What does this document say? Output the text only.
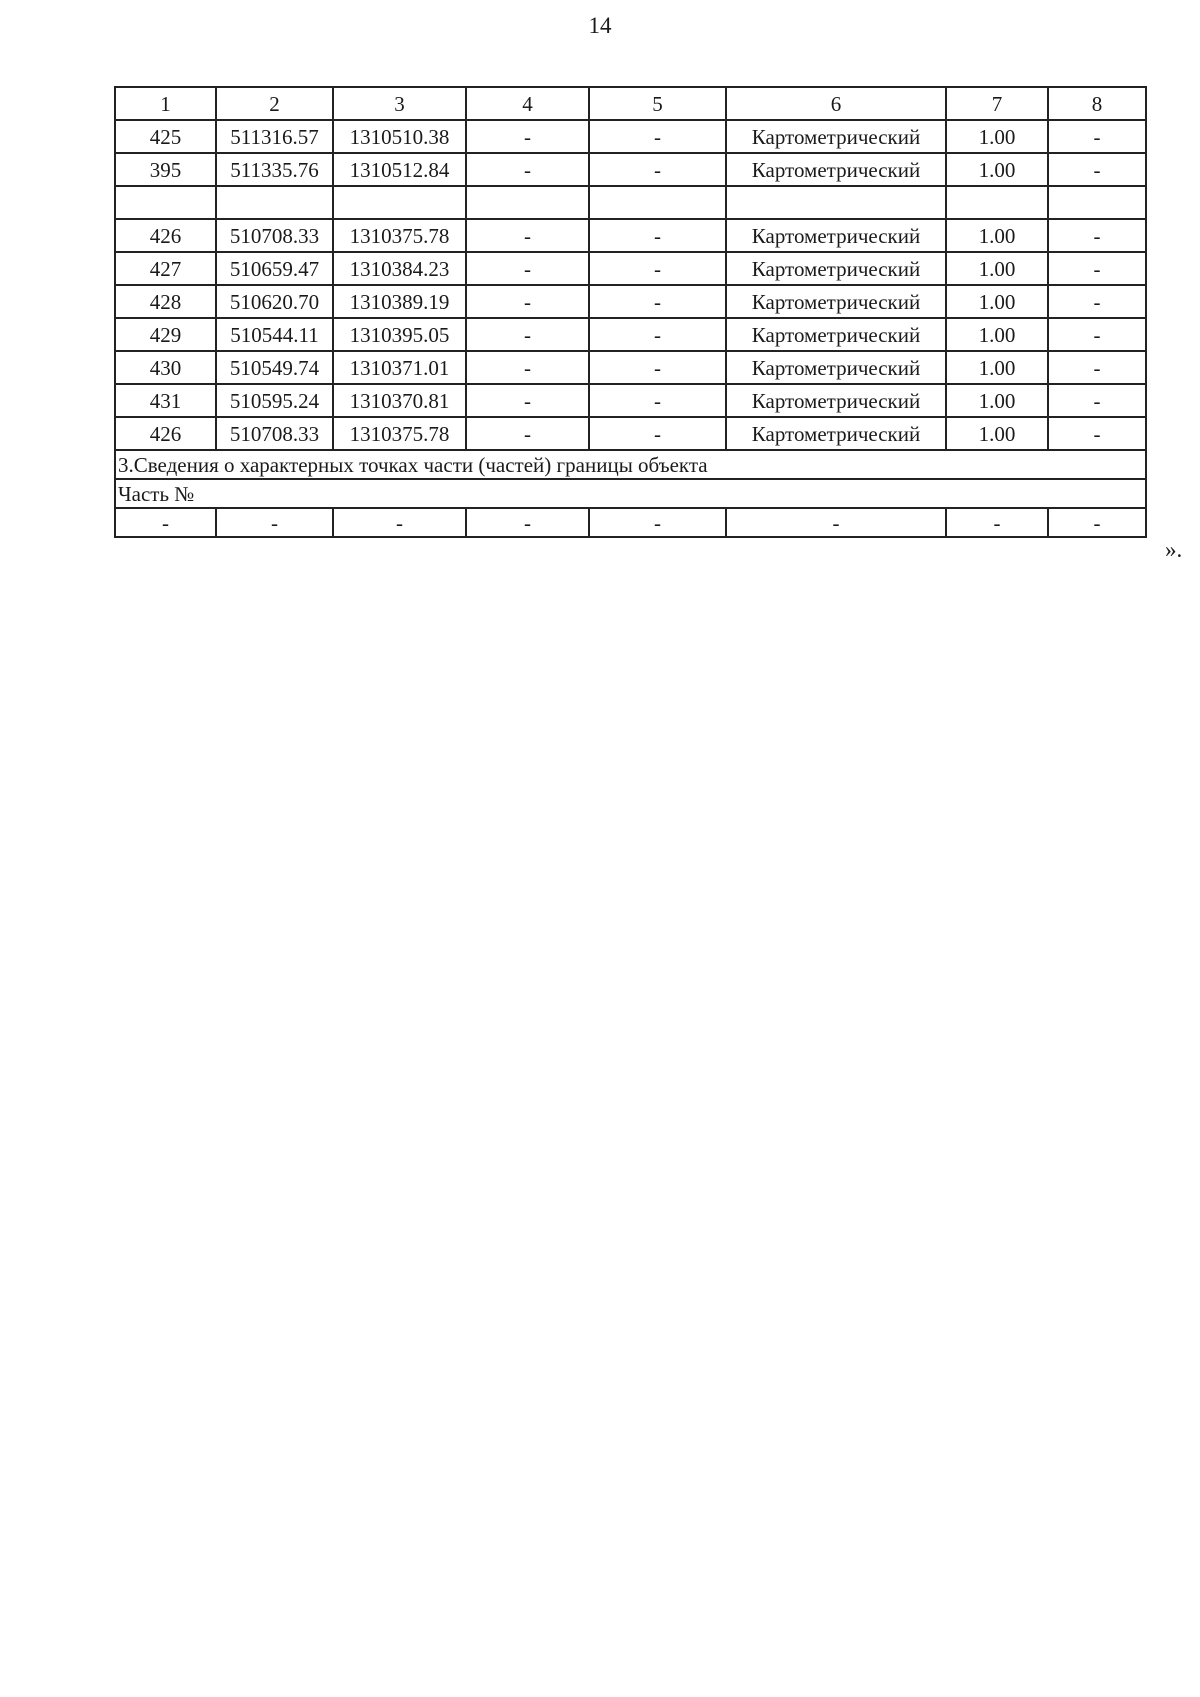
14
1	2	3	4	5	6	7	8
425	511316.57	1310510.38	-	-	Картометрический	1.00	-
395	511335.76	1310512.84	-	-	Картометрический	1.00	-

426	510708.33	1310375.78	-	-	Картометрический	1.00	-
427	510659.47	1310384.23	-	-	Картометрический	1.00	-
428	510620.70	1310389.19	-	-	Картометрический	1.00	-
429	510544.11	1310395.05	-	-	Картометрический	1.00	-
430	510549.74	1310371.01	-	-	Картометрический	1.00	-
431	510595.24	1310370.81	-	-	Картометрический	1.00	-
426	510708.33	1310375.78	-	-	Картометрический	1.00	-
3.Сведения о характерных точках части (частей) границы объекта							
Часть №							
-	-	-	-	-	-	-	-
».
